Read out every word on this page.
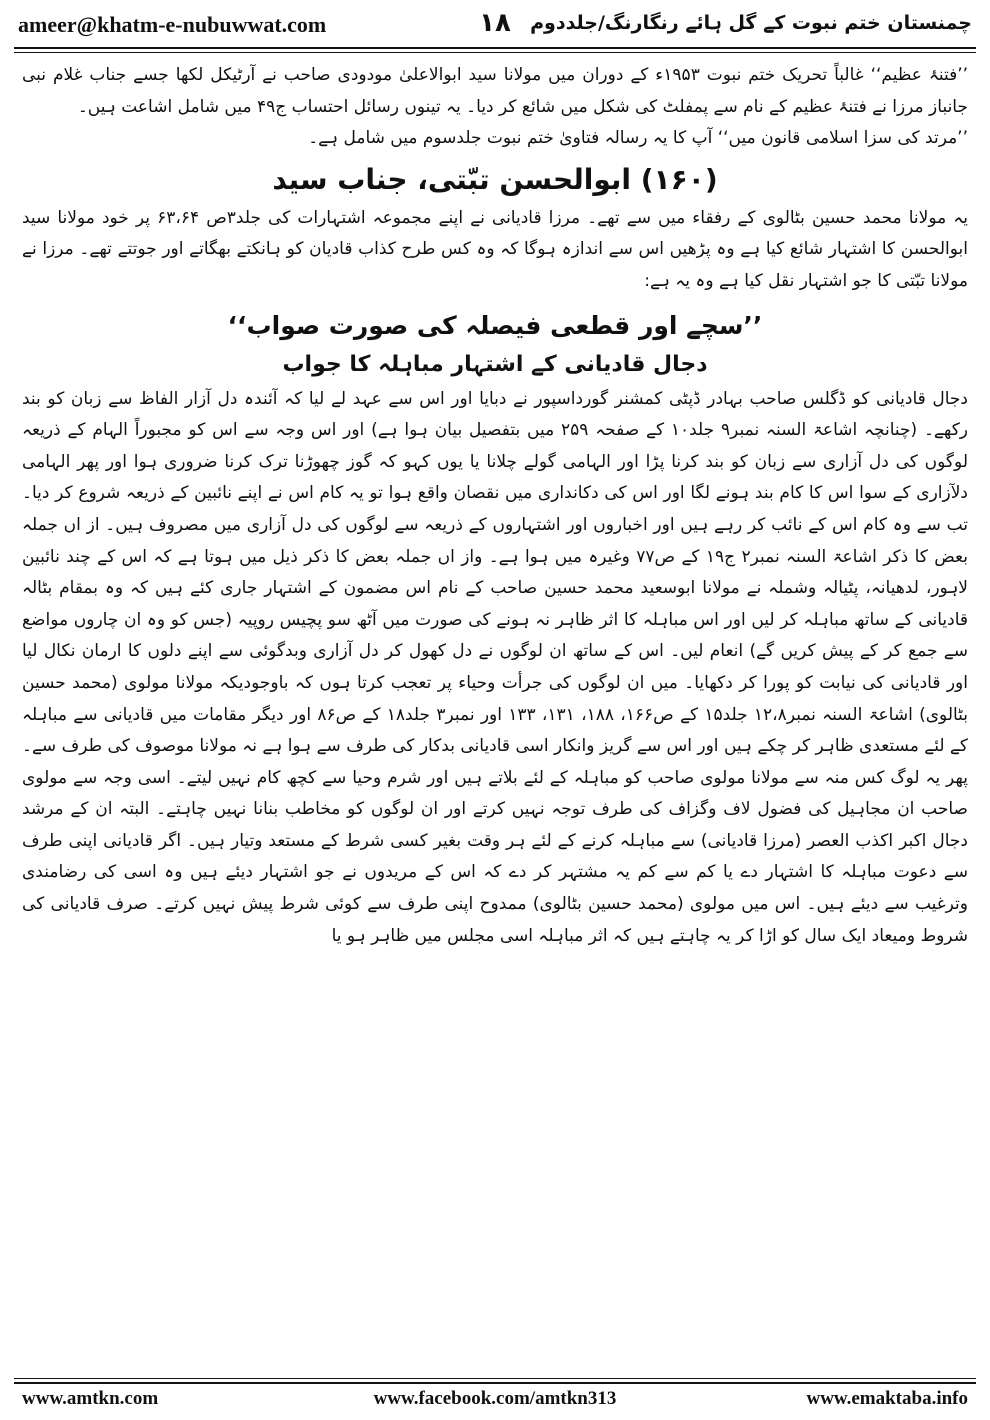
ameer@khatm-e-nubuwwat.com	۱۸	چمنستان ختم نبوت کے گل ہائے رنگارنگ/جلددوم

’’فتنۂ عظیم‘‘ غالباً تحریک ختم نبوت ۱۹۵۳ء کے دوران میں مولانا سید ابوالاعلیٰ مودودی صاحب نے آرٹیکل لکھا جسے جناب غلام نبی جانباز مرزا نے فتنۂ عظیم کے نام سے پمفلٹ کی شکل میں شائع کر دیا۔ یہ تینوں رسائل احتساب ج۴۹ میں شامل اشاعت ہیں۔

’’مرتد کی سزا اسلامی قانون میں‘‘ آپ کا یہ رسالہ فتاویٰ ختم نبوت جلدسوم میں شامل ہے۔

(۱۶۰) ابوالحسن تبّتی، جناب سید

یہ مولانا محمد حسین بٹالوی کے رفقاء میں سے تھے۔ مرزا قادیانی نے اپنے مجموعہ اشتہارات کی جلد۳ص ۶۳،۶۴ پر خود مولانا سید ابوالحسن کا اشتہار شائع کیا ہے وہ پڑھیں اس سے اندازہ ہوگا کہ وہ کس طرح کذاب قادیان کو ہانکتے بھگاتے اور جوتتے تھے۔ مرزا نے مولانا تبّتی کا جو اشتہار نقل کیا ہے وہ یہ ہے:

’’سچے اور قطعی فیصلہ کی صورت صواب‘‘
دجال قادیانی کے اشتہار مباہلہ کا جواب

دجال قادیانی کو ڈگلس صاحب بہادر ڈپٹی کمشنر گورداسپور نے دبایا اور اس سے عہد لے لیا کہ آئندہ دل آزار الفاظ سے زبان کو بند رکھے۔ (چنانچہ اشاعۃ السنہ نمبر۹ جلد۱۰ کے صفحہ ۲۵۹ میں بتفصیل بیان ہوا ہے) اور اس وجہ سے اس کو مجبوراً الہام کے ذریعہ لوگوں کی دل آزاری سے زبان کو بند کرنا پڑا اور الہامی گولے چلانا یا یوں کہو کہ گوز چھوڑنا ترک کرنا ضروری ہوا اور پھر الہامی دلآزاری کے سوا اس کا کام بند ہونے لگا اور اس کی دکانداری میں نقصان واقع ہوا تو یہ کام اس نے اپنے نائبین کے ذریعہ شروع کر دیا۔ تب سے وہ کام اس کے نائب کر رہے ہیں اور اخباروں اور اشتہاروں کے ذریعہ سے لوگوں کی دل آزاری میں مصروف ہیں۔ از اں جملہ بعض کا ذکر اشاعۃ السنہ نمبر۲ ج۱۹ کے ص۷۷ وغیرہ میں ہوا ہے۔ واز اں جملہ بعض کا ذکر ذیل میں ہوتا ہے کہ اس کے چند نائبین لاہور، لدھیانہ، پٹیالہ وشملہ نے مولانا ابوسعید محمد حسین صاحب کے نام اس مضمون کے اشتہار جاری کئے ہیں کہ وہ بمقام بٹالہ قادیانی کے ساتھ مباہلہ کر لیں اور اس مباہلہ کا اثر ظاہر نہ ہونے کی صورت میں آٹھ سو پچیس روپیہ (جس کو وہ ان چاروں مواضع سے جمع کر کے پیش کریں گے) انعام لیں۔ اس کے ساتھ ان لوگوں نے دل کھول کر دل آزاری وبدگوئی سے اپنے دلوں کا ارمان نکال لیا اور قادیانی کی نیابت کو پورا کر دکھایا۔ میں ان لوگوں کی جرأت وحیاء پر تعجب کرتا ہوں کہ باوجودیکہ مولانا مولوی (محمد حسین بٹالوی) اشاعۃ السنہ نمبر۱۲،۸ جلد۱۵ کے ص۱۶۶، ۱۸۸، ۱۳۱، ۱۳۳ اور نمبر۳ جلد۱۸ کے ص۸۶ اور دیگر مقامات میں قادیانی سے مباہلہ کے لئے مستعدی ظاہر کر چکے ہیں اور اس سے گریز وانکار اسی قادیانی بدکار کی طرف سے ہوا ہے نہ مولانا موصوف کی طرف سے۔ پھر یہ لوگ کس منہ سے مولانا مولوی صاحب کو مباہلہ کے لئے بلاتے ہیں اور شرم وحیا سے کچھ کام نہیں لیتے۔ اسی وجہ سے مولوی صاحب ان مجاہیل کی فضول لاف وگزاف کی طرف توجہ نہیں کرتے اور ان لوگوں کو مخاطب بنانا نہیں چاہتے۔ البتہ ان کے مرشد دجال اکبر اکذب العصر (مرزا قادیانی) سے مباہلہ کرنے کے لئے ہر وقت بغیر کسی شرط کے مستعد وتیار ہیں۔ اگر قادیانی اپنی طرف سے دعوت مباہلہ کا اشتہار دے یا کم سے کم یہ مشتہر کر دے کہ اس کے مریدوں نے جو اشتہار دیئے ہیں وہ اسی کی رضامندی وترغیب سے دیئے ہیں۔ اس میں مولوی (محمد حسین بٹالوی) ممدوح اپنی طرف سے کوئی شرط پیش نہیں کرتے۔ صرف قادیانی کی شروط ومیعاد ایک سال کو اڑا کر یہ چاہتے ہیں کہ اثر مباہلہ اسی مجلس میں ظاہر ہو یا

www.amtkn.com	www.facebook.com/amtkn313	www.emaktaba.info
